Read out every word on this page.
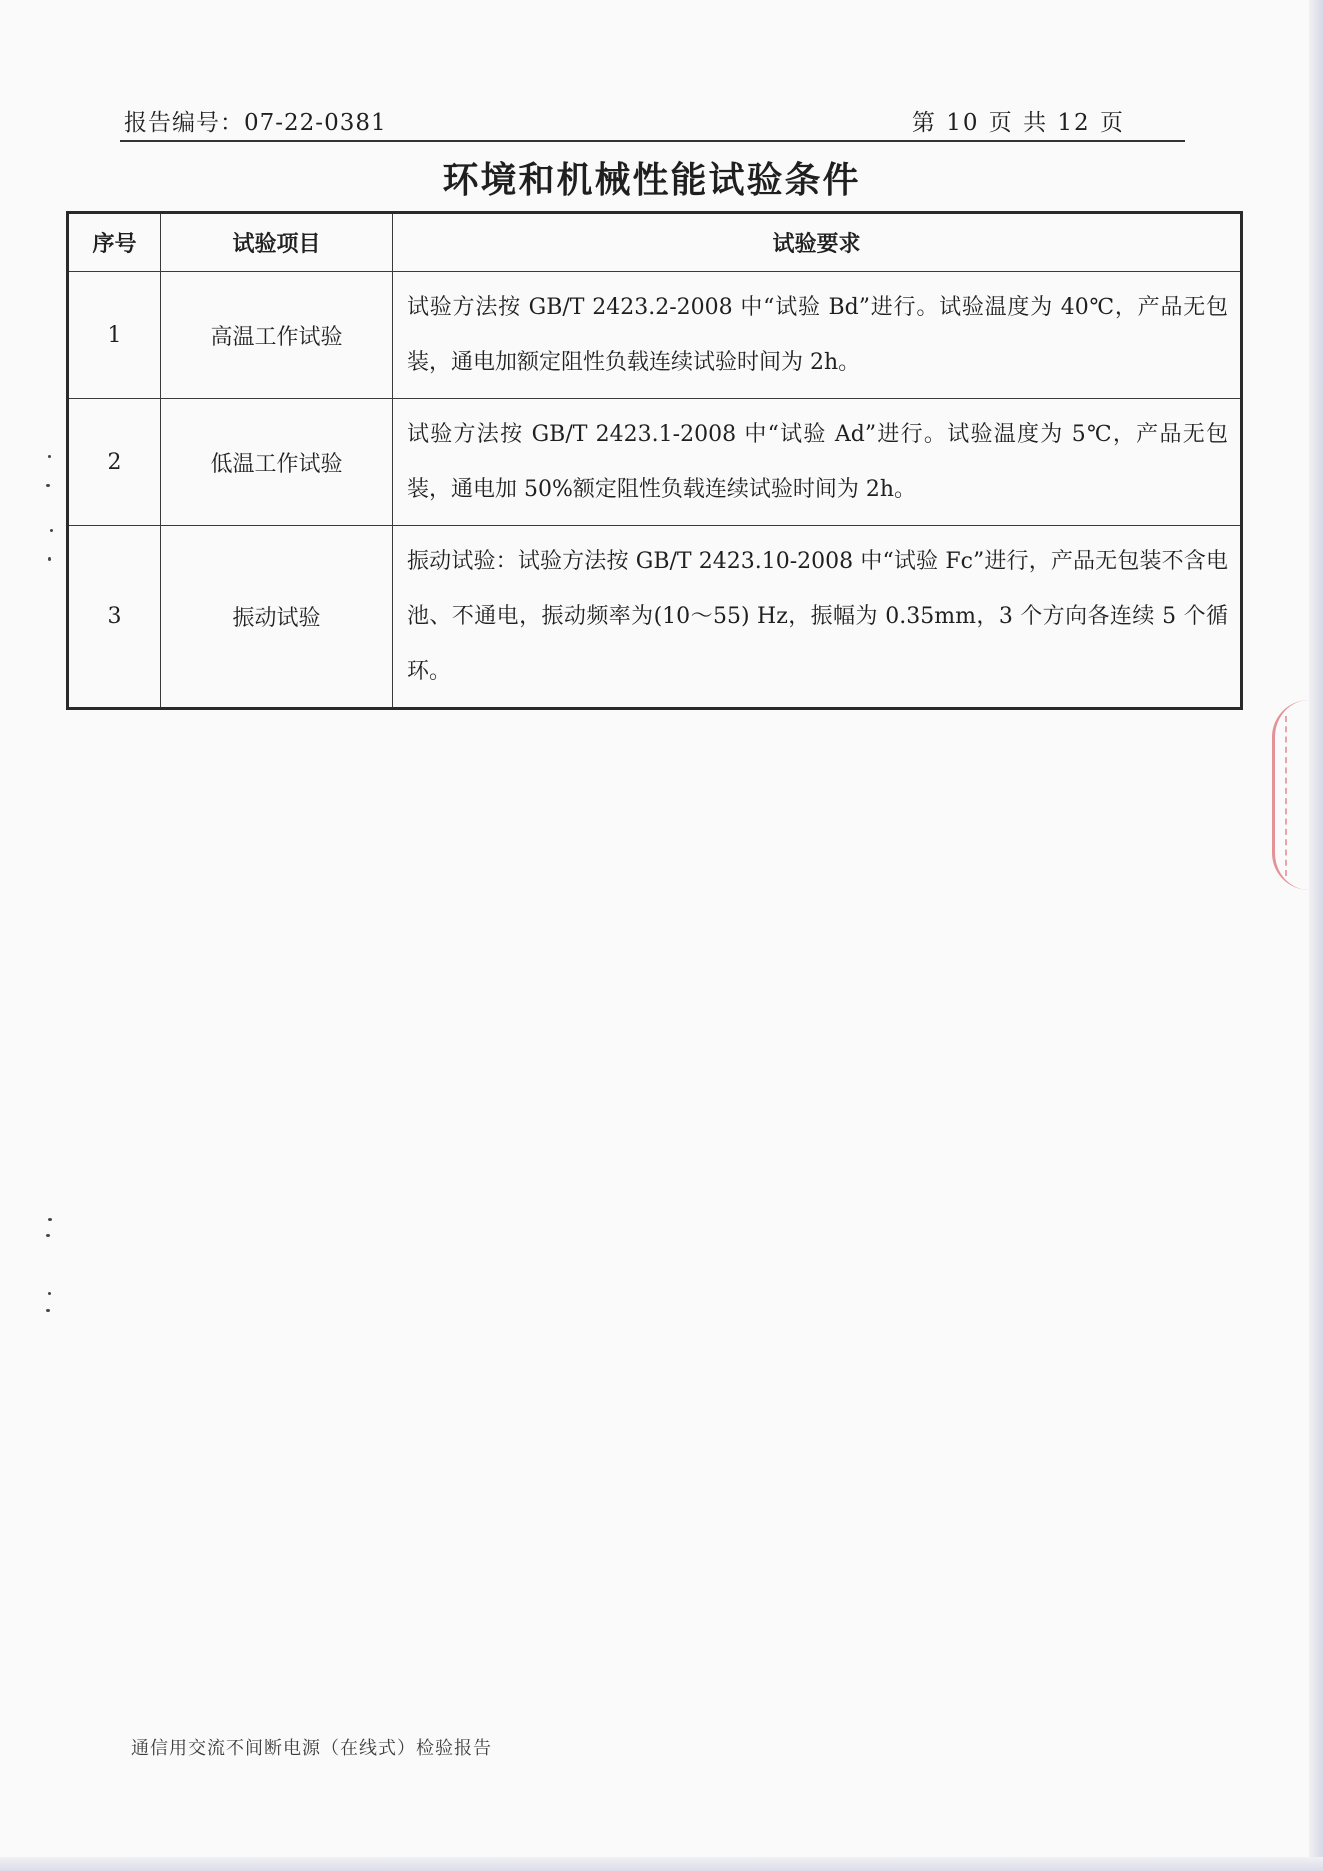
报告编号：07-22-0381	第 10 页 共 12 页
环境和机械性能试验条件
序号	试验项目	试验要求
1	高温工作试验	试验方法按 GB/T 2423.2-2008 中“试验 Bd”进行。试验温度为 40℃，产品无包装，通电加额定阻性负载连续试验时间为 2h。
2	低温工作试验	试验方法按 GB/T 2423.1-2008 中“试验 Ad”进行。试验温度为 5℃，产品无包装，通电加 50%额定阻性负载连续试验时间为 2h。
3	振动试验	振动试验：试验方法按 GB/T 2423.10-2008 中“试验 Fc”进行，产品无包装不含电池、不通电，振动频率为(10～55) Hz，振幅为 0.35mm，3 个方向各连续 5 个循环。
通信用交流不间断电源（在线式）检验报告
